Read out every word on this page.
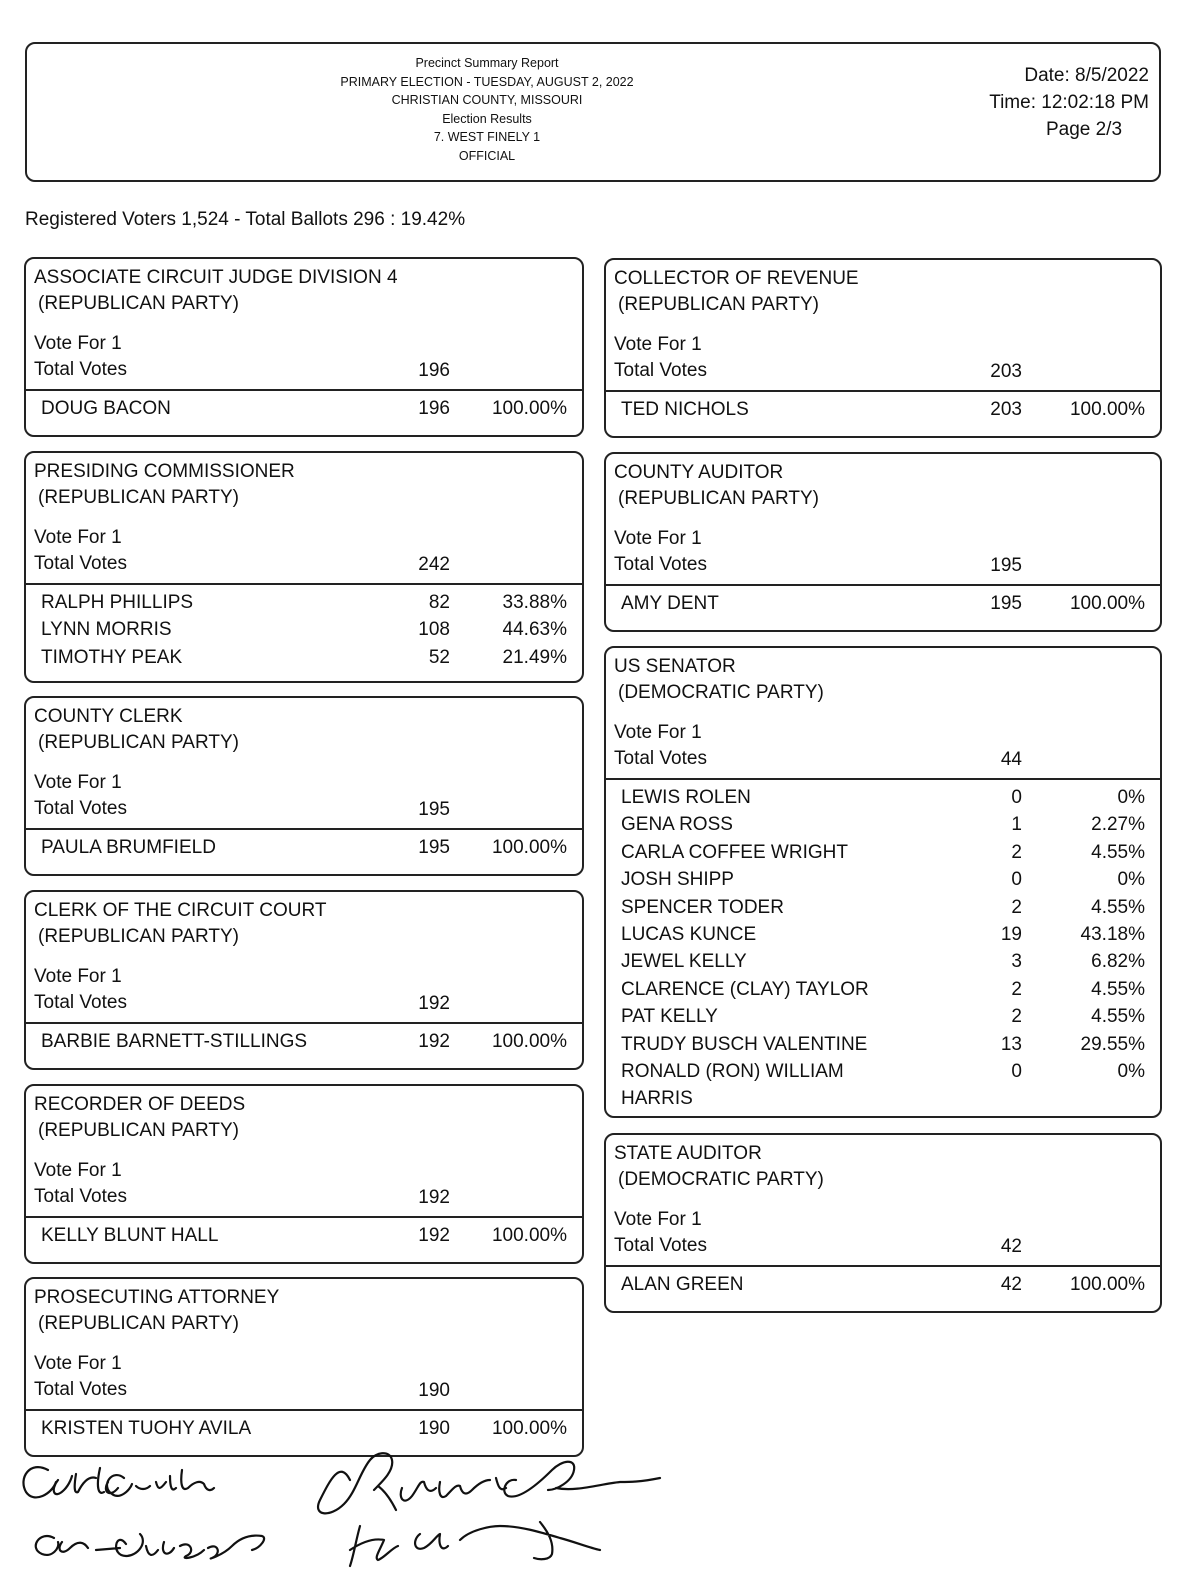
Precinct Summary Report
PRIMARY ELECTION - TUESDAY, AUGUST 2, 2022
CHRISTIAN COUNTY, MISSOURI
Election Results
7. WEST FINELY 1
OFFICIAL
Date: 8/5/2022
Time: 12:02:18 PM
Page 2/3
Registered Voters 1,524 - Total Ballots 296 : 19.42%
ASSOCIATE CIRCUIT JUDGE DIVISION 4
(REPUBLICAN PARTY)
Vote For 1
Total Votes	196
DOUG BACON	196	100.00%
PRESIDING COMMISSIONER
(REPUBLICAN PARTY)
Vote For 1
Total Votes	242
RALPH PHILLIPS	82	33.88%
LYNN MORRIS	108	44.63%
TIMOTHY PEAK	52	21.49%
COUNTY CLERK
(REPUBLICAN PARTY)
Vote For 1
Total Votes	195
PAULA BRUMFIELD	195	100.00%
CLERK OF THE CIRCUIT COURT
(REPUBLICAN PARTY)
Vote For 1
Total Votes	192
BARBIE BARNETT-STILLINGS	192	100.00%
RECORDER OF DEEDS
(REPUBLICAN PARTY)
Vote For 1
Total Votes	192
KELLY BLUNT HALL	192	100.00%
PROSECUTING ATTORNEY
(REPUBLICAN PARTY)
Vote For 1
Total Votes	190
KRISTEN TUOHY AVILA	190	100.00%
COLLECTOR OF REVENUE
(REPUBLICAN PARTY)
Vote For 1
Total Votes	203
TED NICHOLS	203	100.00%
COUNTY AUDITOR
(REPUBLICAN PARTY)
Vote For 1
Total Votes	195
AMY DENT	195	100.00%
US SENATOR
(DEMOCRATIC PARTY)
Vote For 1
Total Votes	44
LEWIS ROLEN	0	0%
GENA ROSS	1	2.27%
CARLA COFFEE WRIGHT	2	4.55%
JOSH SHIPP	0	0%
SPENCER TODER	2	4.55%
LUCAS KUNCE	19	43.18%
JEWEL KELLY	3	6.82%
CLARENCE (CLAY) TAYLOR	2	4.55%
PAT KELLY	2	4.55%
TRUDY BUSCH VALENTINE	13	29.55%
RONALD (RON) WILLIAM	0	0%
HARRIS
STATE AUDITOR
(DEMOCRATIC PARTY)
Vote For 1
Total Votes	42
ALAN GREEN	42	100.00%
